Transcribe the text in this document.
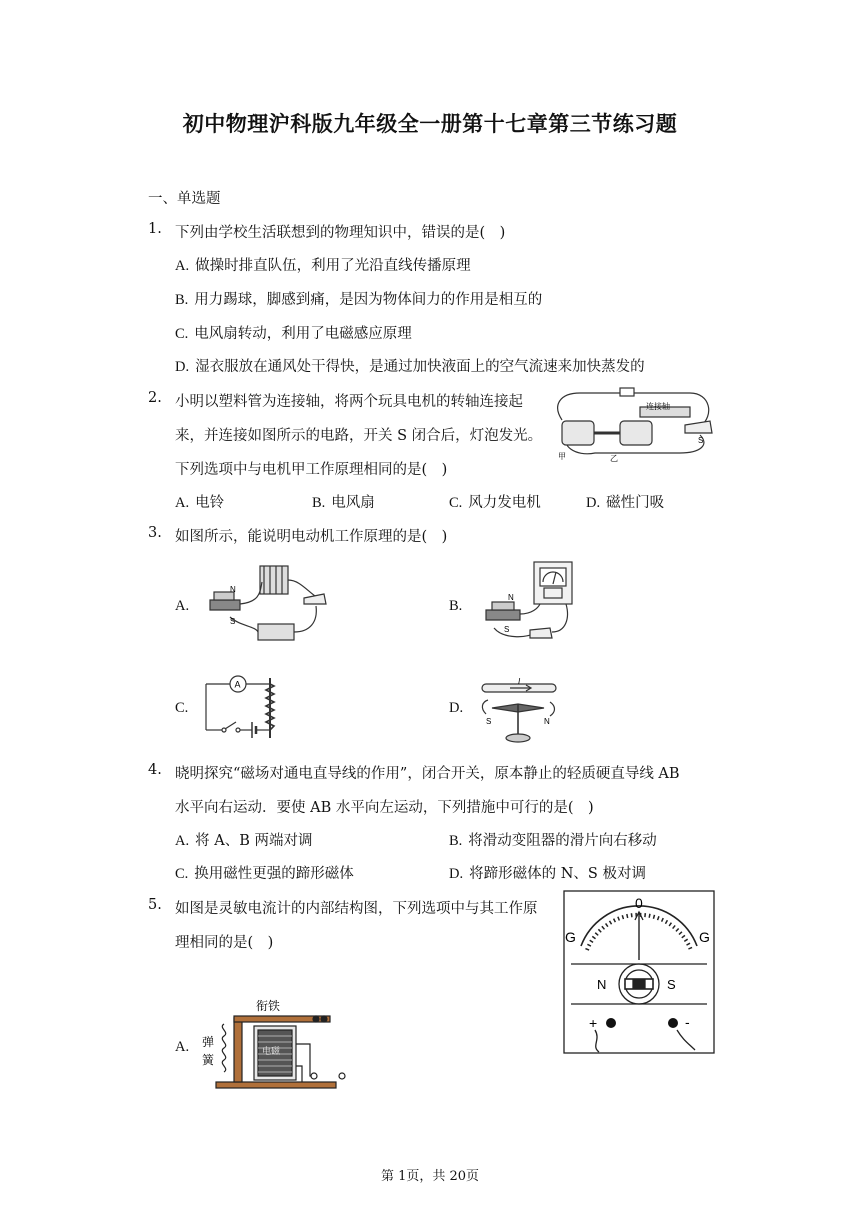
初中物理沪科版九年级全一册第十七章第三节练习题
一、单选题
1. 下列由学校生活联想到的物理知识中，错误的是(　)
A. 做操时排直队伍，利用了光沿直线传播原理
B. 用力踢球，脚感到痛，是因为物体间力的作用是相互的
C. 电风扇转动，利用了电磁感应原理
D. 湿衣服放在通风处干得快，是通过加快液面上的空气流速来加快蒸发的
2. 小明以塑料管为连接轴，将两个玩具电机的转轴连接起
来，并连接如图所示的电路，开关 S 闭合后，灯泡发光。
下列选项中与电机甲工作原理相同的是(　)
连接轴
甲	乙
S
A. 电铃	B. 电风扇	C. 风力发电机	D. 磁性门吸
3. 如图所示，能说明电动机工作原理的是(　)
A.
N
S
B.
N
S
C.
A
D.
I
S	N
4. 晓明探究“磁场对通电直导线的作用”，闭合开关，原本静止的轻质硬直导线 AB
水平向右运动．要使 AB 水平向左运动，下列措施中可行的是(　)
A. 将 A、B 两端对调	B. 将滑动变阻器的滑片向右移动
C. 换用磁性更强的蹄形磁体	D. 将蹄形磁体的 N、S 极对调
5. 如图是灵敏电流计的内部结构图，下列选项中与其工作原
理相同的是(　)
0
G	G
N	S
+	-
A.
衔铁
弹
簧
电磁
第 1页，共 20页
